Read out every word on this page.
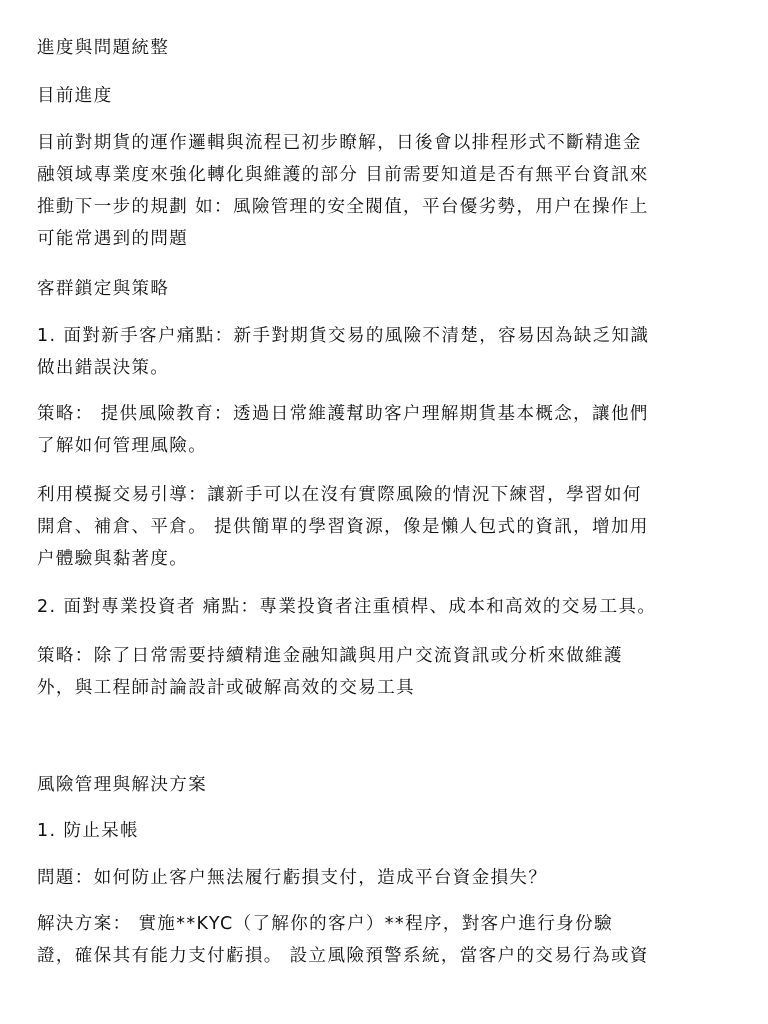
進度與問題統整
目前進度
目前對期貨的運作邏輯與流程已初步瞭解，日後會以排程形式不斷精進金
融領域專業度來強化轉化與維護的部分 目前需要知道是否有無平台資訊來
推動下一步的規劃 如：風險管理的安全閥值，平台優劣勢，用户在操作上
可能常遇到的問題
客群鎖定與策略
1. 面對新手客户痛點：新手對期貨交易的風險不清楚，容易因為缺乏知識
做出錯誤決策。
策略： 提供風險教育：透過日常維護幫助客户理解期貨基本概念，讓他們
了解如何管理風險。
利用模擬交易引導：讓新手可以在沒有實際風險的情況下練習，學習如何
開倉、補倉、平倉。 提供簡單的學習資源，像是懶人包式的資訊，增加用
户體驗與黏著度。
2. 面對專業投資者 痛點：專業投資者注重槓桿、成本和高效的交易工具。
策略：除了日常需要持續精進金融知識與用户交流資訊或分析來做維護
外，與工程師討論設計或破解高效的交易工具
風險管理與解決方案
1. 防止呆帳
問題：如何防止客户無法履行虧損支付，造成平台資金損失？
解決方案： 實施**KYC（了解你的客户）**程序，對客户進行身份驗
證，確保其有能力支付虧損。 設立風險預警系統，當客户的交易行為或資
